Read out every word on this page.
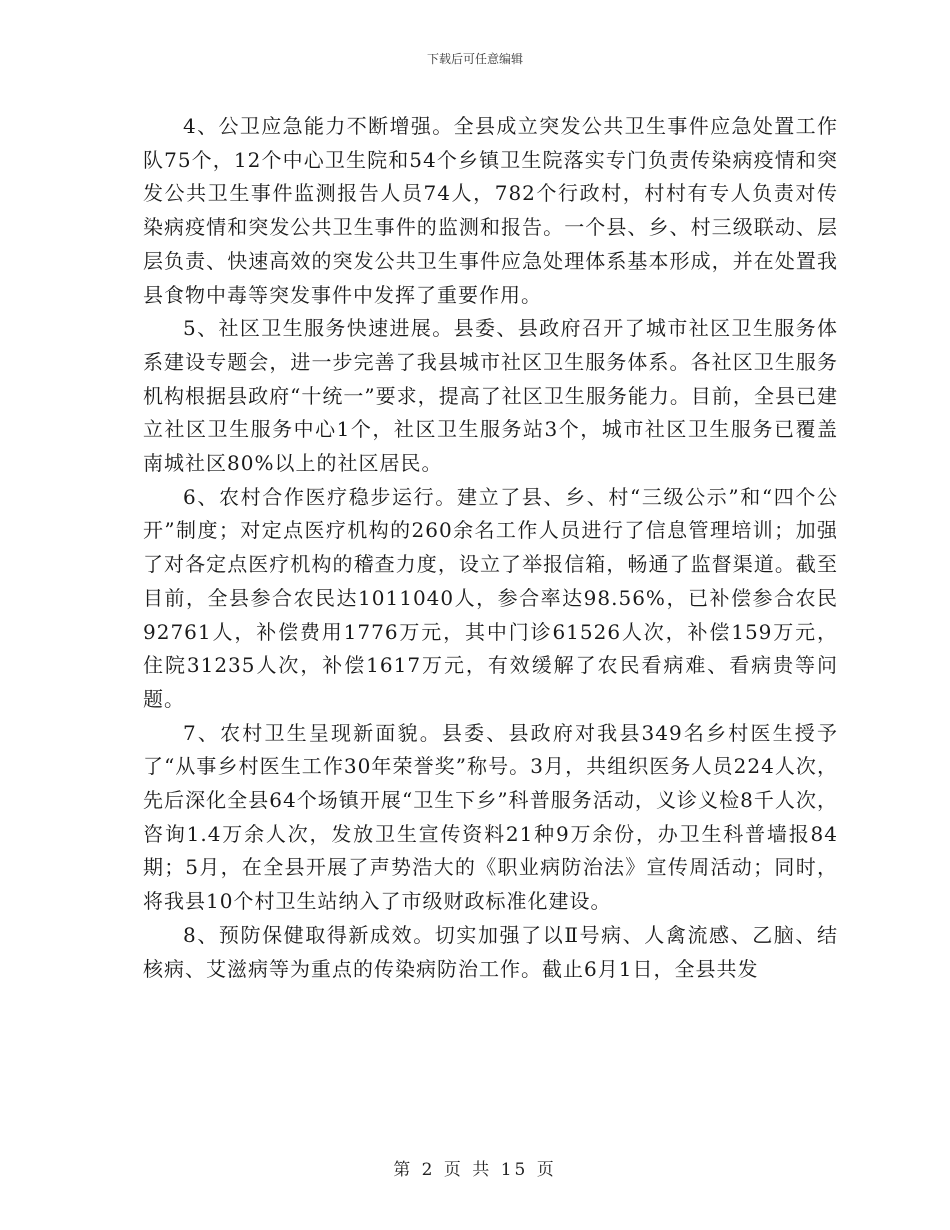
下载后可任意编辑

4、公卫应急能力不断增强。全县成立突发公共卫生事件应急处置工作队75个，12个中心卫生院和54个乡镇卫生院落实专门负责传染病疫情和突发公共卫生事件监测报告人员74人，782个行政村，村村有专人负责对传染病疫情和突发公共卫生事件的监测和报告。一个县、乡、村三级联动、层层负责、快速高效的突发公共卫生事件应急处理体系基本形成，并在处置我县食物中毒等突发事件中发挥了重要作用。

5、社区卫生服务快速进展。县委、县政府召开了城市社区卫生服务体系建设专题会，进一步完善了我县城市社区卫生服务体系。各社区卫生服务机构根据县政府“十统一”要求，提高了社区卫生服务能力。目前，全县已建立社区卫生服务中心1个，社区卫生服务站3个，城市社区卫生服务已覆盖南城社区80%以上的社区居民。

6、农村合作医疗稳步运行。建立了县、乡、村“三级公示”和“四个公开”制度；对定点医疗机构的260余名工作人员进行了信息管理培训；加强了对各定点医疗机构的稽查力度，设立了举报信箱，畅通了监督渠道。截至目前，全县参合农民达1011040人，参合率达98.56%，已补偿参合农民92761人，补偿费用1776万元，其中门诊61526人次，补偿159万元，住院31235人次，补偿1617万元，有效缓解了农民看病难、看病贵等问题。

7、农村卫生呈现新面貌。县委、县政府对我县349名乡村医生授予了“从事乡村医生工作30年荣誉奖”称号。3月，共组织医务人员224人次，先后深化全县64个场镇开展“卫生下乡”科普服务活动，义诊义检8千人次，咨询1.4万余人次，发放卫生宣传资料21种9万余份，办卫生科普墙报84期；5月，在全县开展了声势浩大的《职业病防治法》宣传周活动；同时，将我县10个村卫生站纳入了市级财政标准化建设。

8、预防保健取得新成效。切实加强了以Ⅱ号病、人禽流感、乙脑、结核病、艾滋病等为重点的传染病防治工作。截止6月1日，全县共发

第 2 页 共 15 页
